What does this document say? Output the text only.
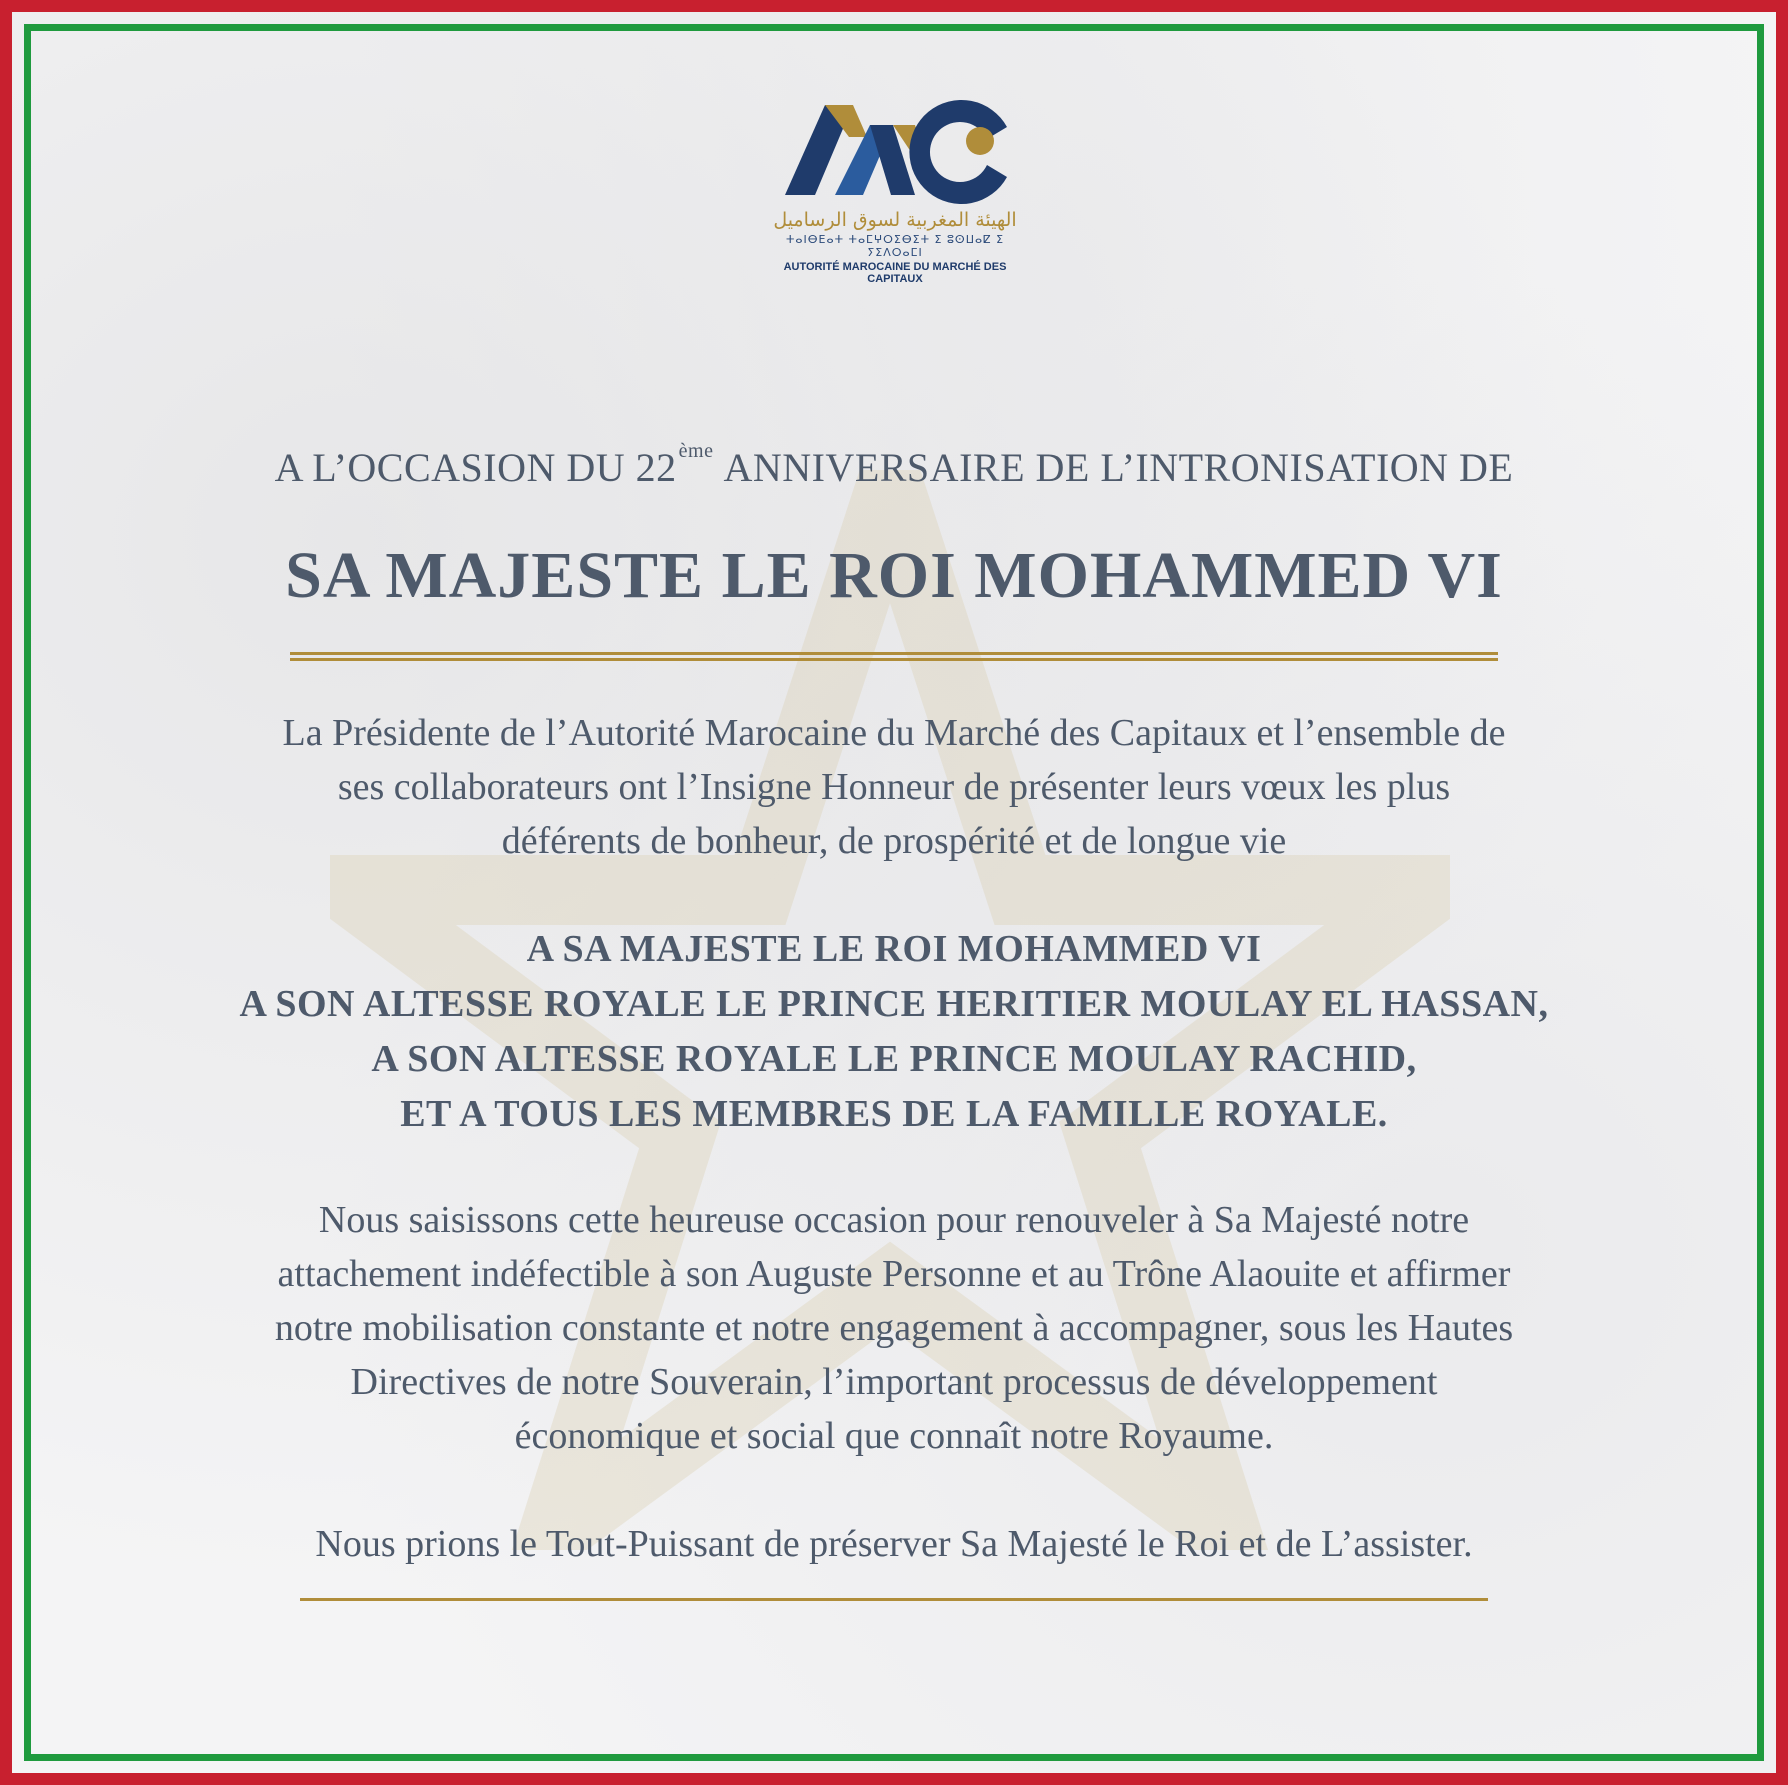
الهيئة المغربية لسوق الرساميل
ⵜⴰⵏⴱⴹⴰⵜ ⵜⴰⵎⵖⵔⵉⴱⵉⵜ ⵉ ⵓⵙⵡⴰⵇ ⵉ ⵢⵉⴷⵔⴰⵎⵏ
AUTORITÉ MAROCAINE DU MARCHÉ DES CAPITAUX
A L’OCCASION DU 22 $^{ème}$ ANNIVERSAIRE DE L’INTRONISATION DE
SA MAJESTE LE ROI MOHAMMED VI
La Présidente de l’Autorité Marocaine du Marché des Capitaux et l’ensemble de
ses collaborateurs ont l’Insigne Honneur de présenter leurs vœux les plus
déférents de bonheur, de prospérité et de longue vie
A SA MAJESTE LE ROI MOHAMMED VI
A SON ALTESSE ROYALE LE PRINCE HERITIER MOULAY EL HASSAN,
A SON ALTESSE ROYALE LE PRINCE MOULAY RACHID,
ET A TOUS LES MEMBRES DE LA FAMILLE ROYALE.
Nous saisissons cette heureuse occasion pour renouveler à Sa Majesté notre
attachement indéfectible à son Auguste Personne et au Trône Alaouite et affirmer
notre mobilisation constante et notre engagement à accompagner, sous les Hautes
Directives de notre Souverain, l’important processus de développement
économique et social que connaît notre Royaume.
Nous prions le Tout-Puissant de préserver Sa Majesté le Roi et de L’assister.
